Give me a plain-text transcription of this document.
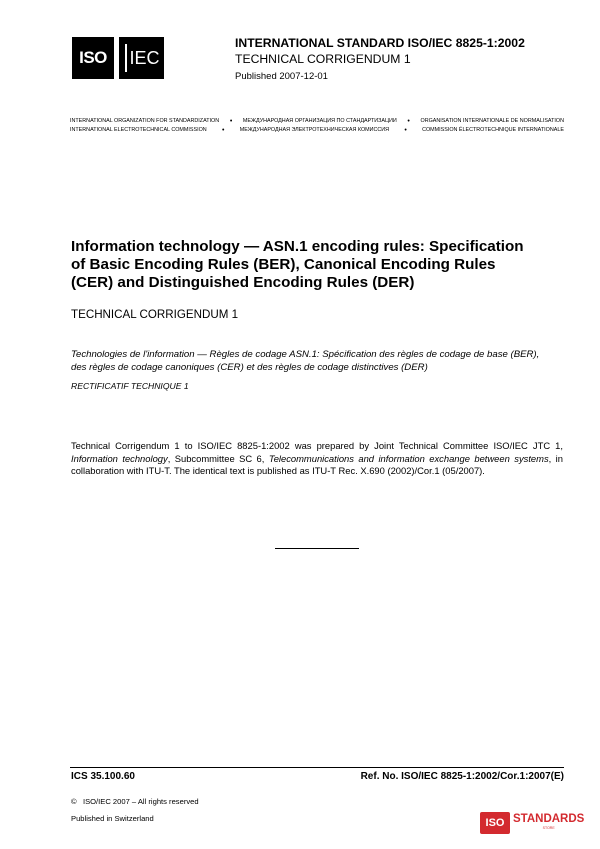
ISO IEC
INTERNATIONAL STANDARD ISO/IEC 8825-1:2002
TECHNICAL CORRIGENDUM 1
Published 2007-12-01
INTERNATIONAL ORGANIZATION FOR STANDARDIZATION • МЕЖДУНАРОДНАЯ ОРГАНИЗАЦИЯ ПО СТАНДАРТИЗАЦИИ • ORGANISATION INTERNATIONALE DE NORMALISATION
INTERNATIONAL ELECTROTECHNICAL COMMISSION •	МЕЖДУНАРОДНАЯ ЭЛЕКТРОТЕХНИЧЕСКАЯ КОМИССИЯ •	COMMISSION ÉLECTROTECHNIQUE INTERNATIONALE
Information technology — ASN.1 encoding rules: Specification
of Basic Encoding Rules (BER), Canonical Encoding Rules
(CER) and Distinguished Encoding Rules (DER)
TECHNICAL CORRIGENDUM 1
Technologies de l'information — Règles de codage ASN.1: Spécification des règles de codage de base (BER),
des règles de codage canoniques (CER) et des règles de codage distinctives (DER)
RECTIFICATIF TECHNIQUE 1
Technical Corrigendum 1 to ISO/IEC 8825-1:2002 was prepared by Joint Technical Committee ISO/IEC JTC 1, Information technology, Subcommittee SC 6, Telecommunications and information exchange between systems, in collaboration with ITU-T. The identical text is published as ITU-T Rec. X.690 (2002)/Cor.1 (05/2007).
ICS 35.100.60	Ref. No. ISO/IEC 8825-1:2002/Cor.1:2007(E)
© ISO/IEC 2007 – All rights reserved
Published in Switzerland	ISO STANDARDS
STORE
